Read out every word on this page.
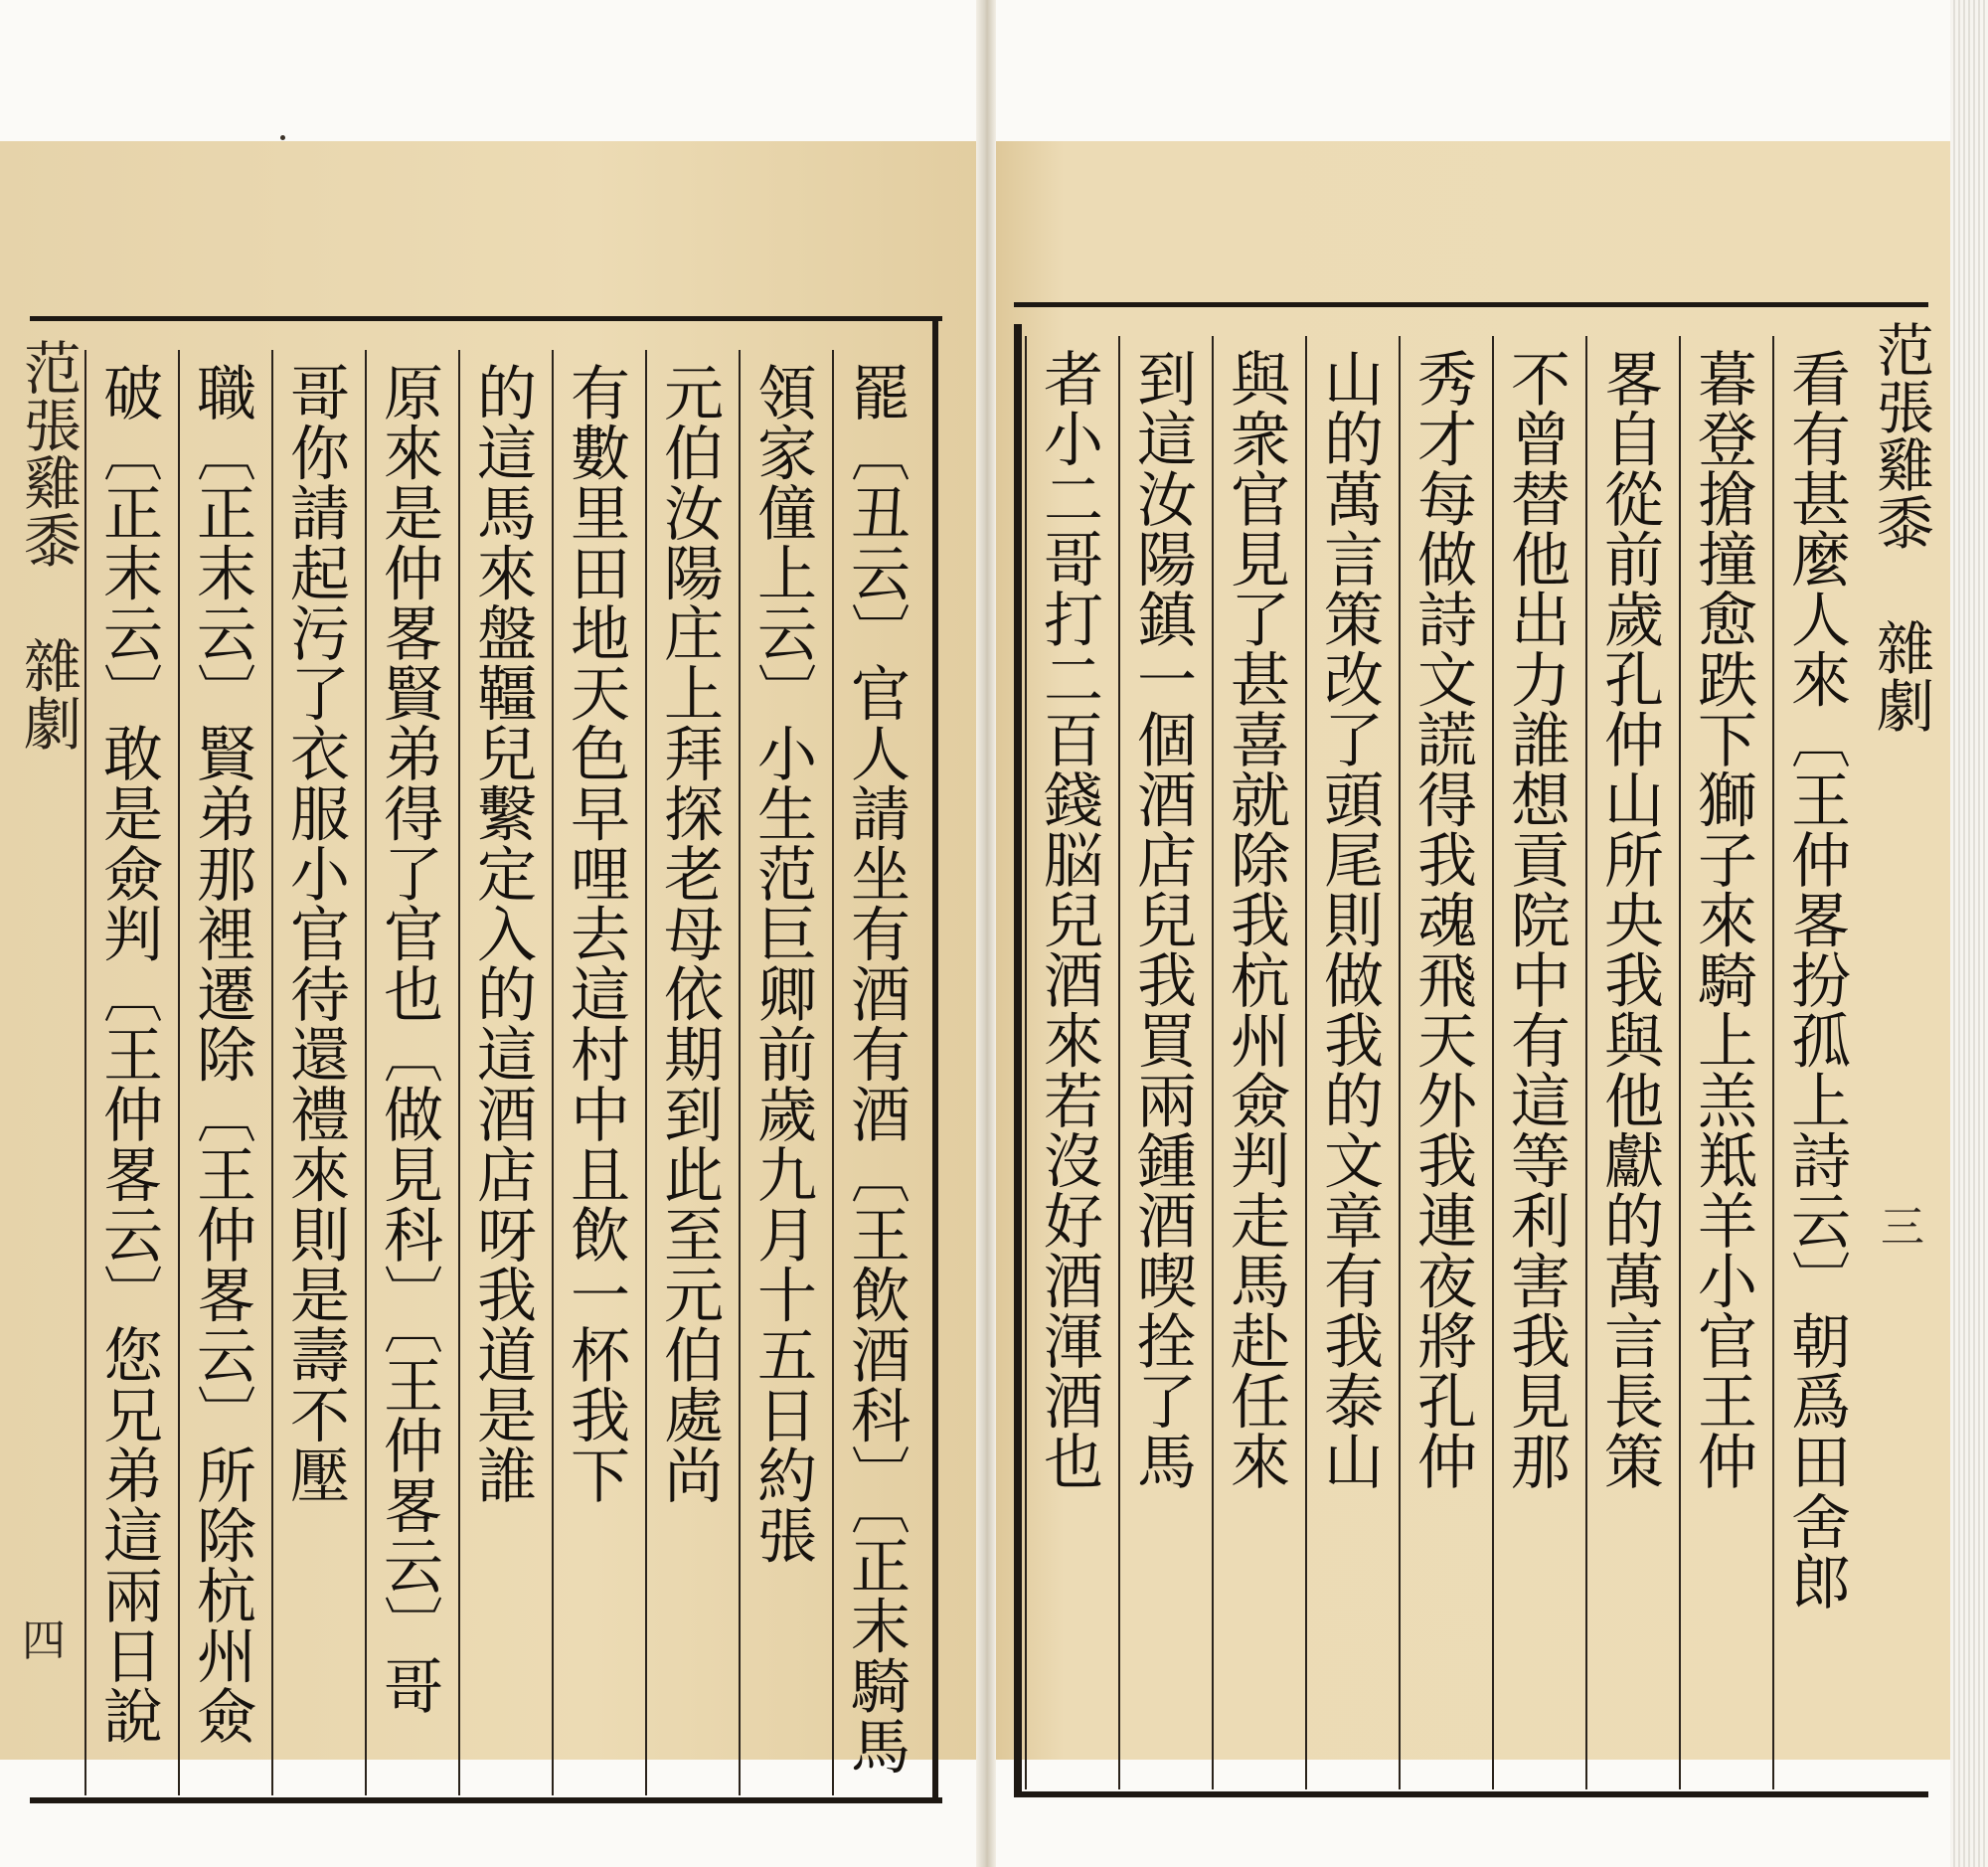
范張雞黍 雜劇
四	罷〔丑云〕官人請坐有酒有酒〔王飲酒科〕〔正末騎馬
領家僮上云〕小生范巨卿前歲九月十五日約張
元伯汝陽庄上拜探老母依期到此至元伯處尚
有數里田地天色早哩去這村中且飲一杯我下
的這馬來盤韁兒繫定入的這酒店呀我道是誰
原來是仲畧賢弟得了官也〔做見科〕〔王仲畧云〕哥
哥你請起污了衣服小官待還禮來則是壽不壓
職〔正末云〕賢弟那裡遷除〔王仲畧云〕所除杭州僉
破〔正末云〕敢是僉判〔王仲畧云〕您兄弟這兩日說	范張雞黍 雜劇
三
看有甚麼人來〔王仲畧扮孤上詩云〕朝爲田舍郎
暮登搶撞愈跌下獅子來騎上羔羝羊小官王仲
畧自從前歲孔仲山所央我與他獻的萬言長策
不曾替他出力誰想貢院中有這等利害我見那
秀才每做詩文謊得我魂飛天外我連夜將孔仲
山的萬言策改了頭尾則做我的文章有我泰山
與衆官見了甚喜就除我杭州僉判走馬赴任來
到這汝陽鎮一個酒店兒我買兩鍾酒喫拴了馬
者小二哥打二百錢脳兒酒來若沒好酒渾酒也
